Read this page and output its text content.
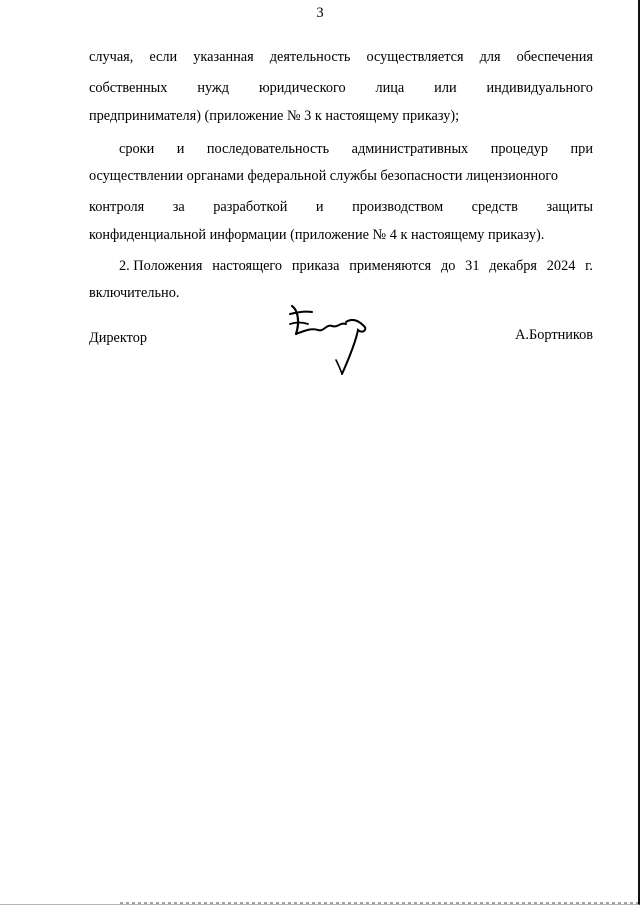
3
случая, если указанная деятельность осуществляется для обеспечения
собственных нужд юридического лица или индивидуального
предпринимателя) (приложение № 3 к настоящему приказу);
сроки и последовательность административных процедур при
осуществлении органами федеральной службы безопасности лицензионного
контроля за разработкой и производством средств защиты
конфиденциальной информации (приложение № 4 к настоящему приказу).
2. Положения настоящего приказа применяются до 31 декабря 2024 г.
включительно.
Директор	А.Бортников
